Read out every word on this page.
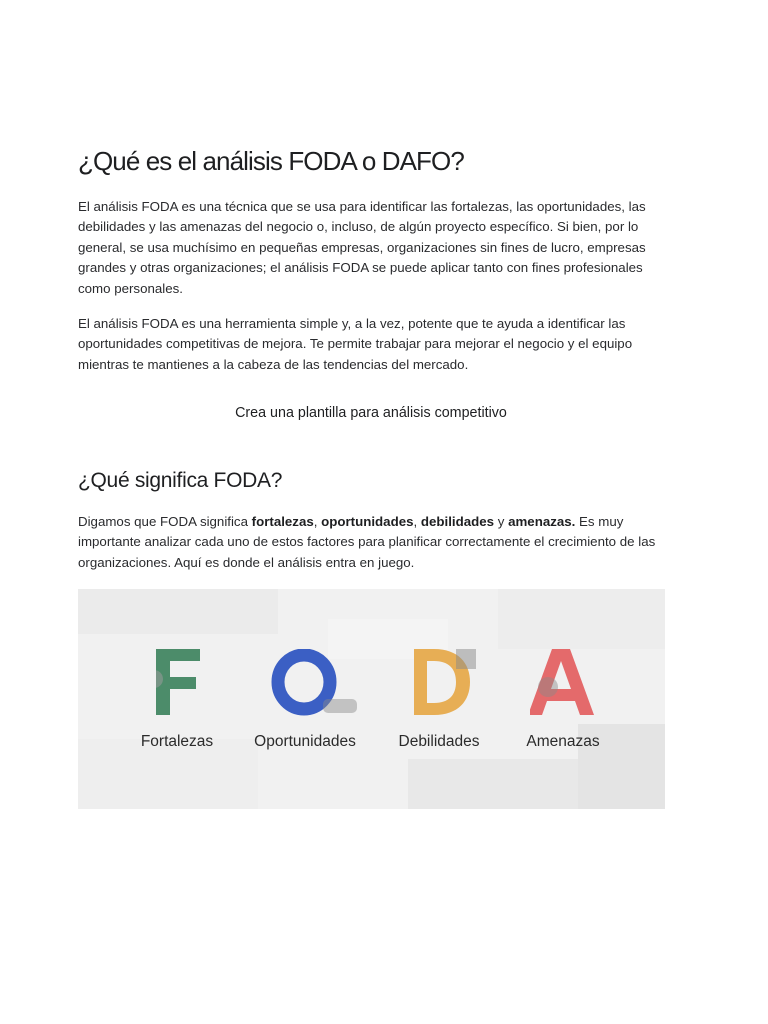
¿Qué es el análisis FODA o DAFO?

El análisis FODA es una técnica que se usa para identificar las fortalezas, las oportunidades, las debilidades y las amenazas del negocio o, incluso, de algún proyecto específico. Si bien, por lo general, se usa muchísimo en pequeñas empresas, organizaciones sin fines de lucro, empresas grandes y otras organizaciones; el análisis FODA se puede aplicar tanto con fines profesionales como personales.

El análisis FODA es una herramienta simple y, a la vez, potente que te ayuda a identificar las oportunidades competitivas de mejora. Te permite trabajar para mejorar el negocio y el equipo mientras te mantienes a la cabeza de las tendencias del mercado.

Crea una plantilla para análisis competitivo
¿Qué significa FODA?

Digamos que FODA significa fortalezas, oportunidades, debilidades y amenazas. Es muy importante analizar cada uno de estos factores para planificar correctamente el crecimiento de las organizaciones. Aquí es donde el análisis entra en juego.

Fortalezas	Oportunidades	Debilidades	Amenazas
